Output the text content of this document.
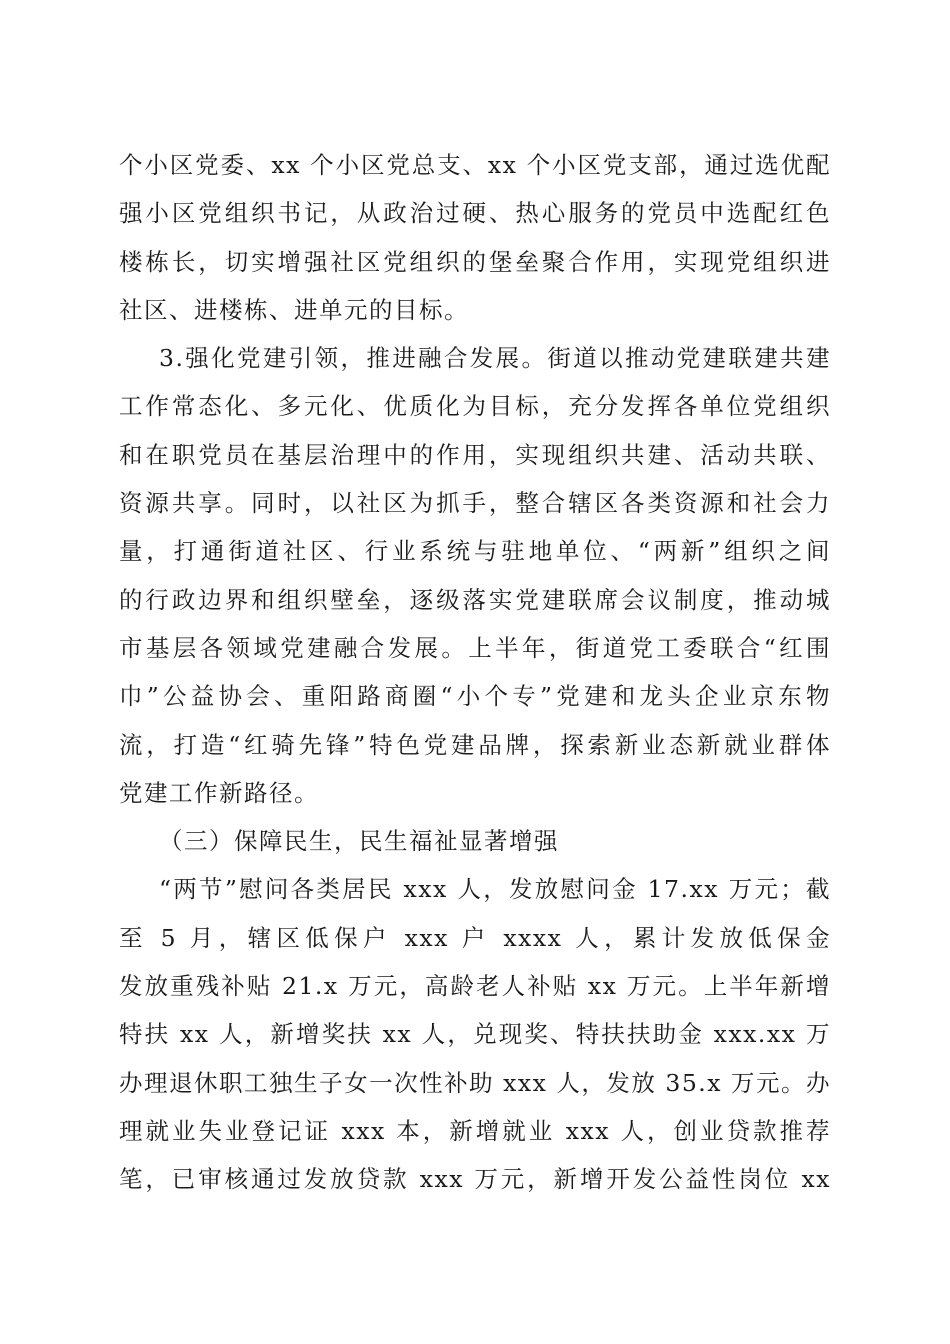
个小区党委、xx 个小区党总支、xx 个小区党支部，通过选优配
强小区党组织书记，从政治过硬、热心服务的党员中选配红色
楼栋长，切实增强社区党组织的堡垒聚合作用，实现党组织进
社区、进楼栋、进单元的目标。
3.强化党建引领，推进融合发展。街道以推动党建联建共建
工作常态化、多元化、优质化为目标，充分发挥各单位党组织
和在职党员在基层治理中的作用，实现组织共建、活动共联、
资源共享。同时，以社区为抓手，整合辖区各类资源和社会力
量，打通街道社区、行业系统与驻地单位、“两新”组织之间
的行政边界和组织壁垒，逐级落实党建联席会议制度，推动城
市基层各领域党建融合发展。上半年，街道党工委联合“红围
巾”公益协会、重阳路商圈“小个专”党建和龙头企业京东物
流，打造“红骑先锋”特色党建品牌，探索新业态新就业群体
党建工作新路径。
（三）保障民生，民生福祉显著增强
“两节”慰问各类居民 xxx 人，发放慰问金 17.xx 万元；截
至 5 月，辖区低保户 xxx 户 xxxx 人，累计发放低保金
发放重残补贴 21.x 万元，高龄老人补贴 xx 万元。上半年新增
特扶 xx 人，新增奖扶 xx 人，兑现奖、特扶扶助金 xxx.xx 万
办理退休职工独生子女一次性补助 xxx 人，发放 35.x 万元。办
理就业失业登记证 xxx 本，新增就业 xxx 人，创业贷款推荐
笔，已审核通过发放贷款 xxx 万元，新增开发公益性岗位 xx
